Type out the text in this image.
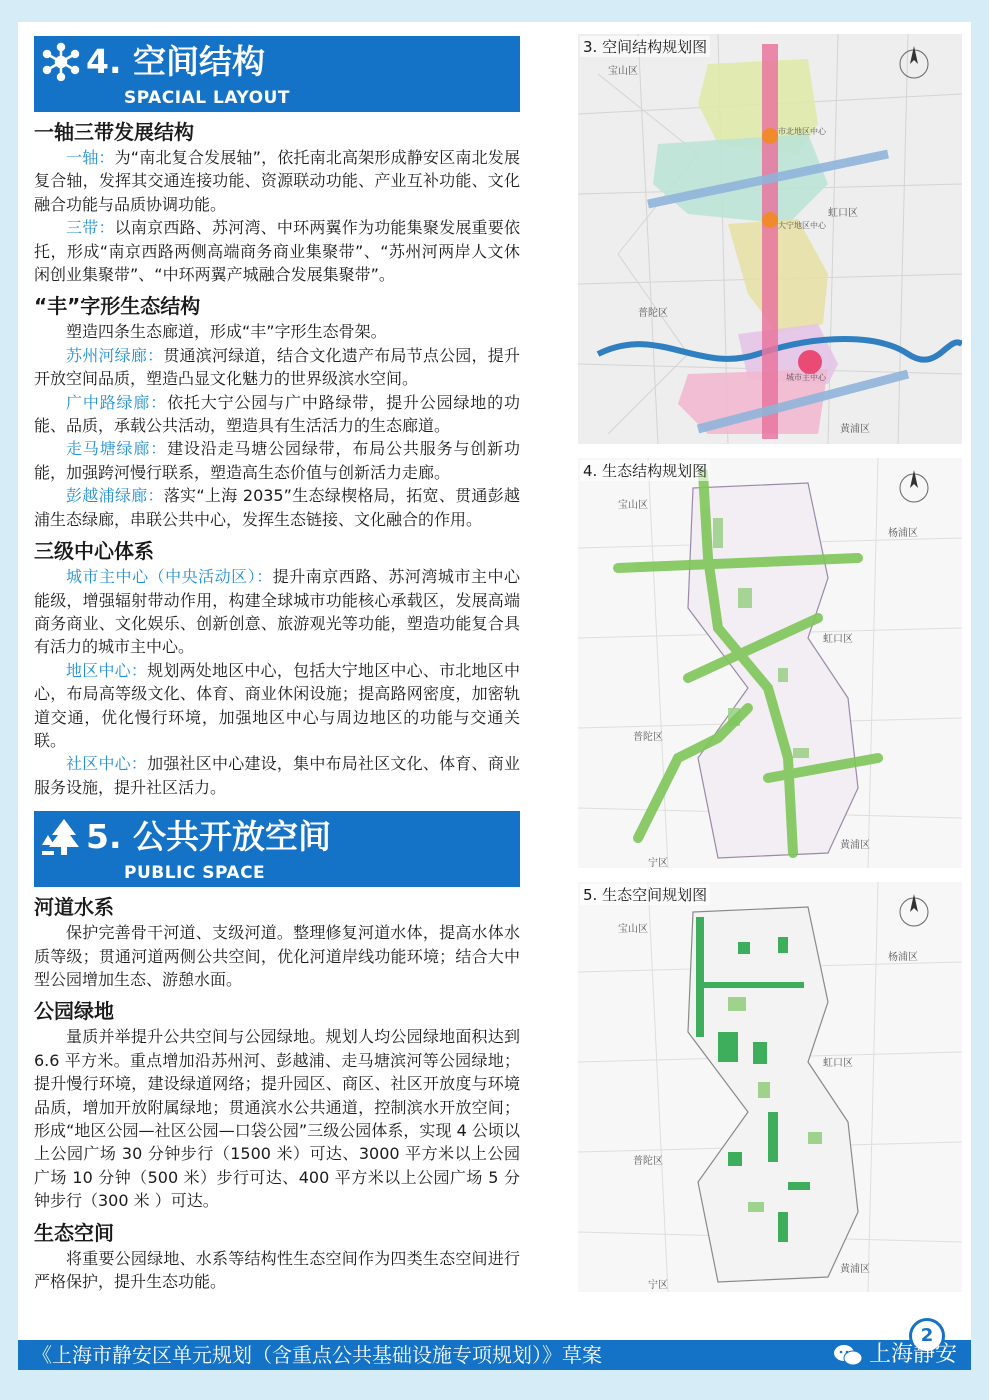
4. 空间结构
SPACIAL LAYOUT
一轴三带发展结构

一轴：为“南北复合发展轴”，依托南北高架形成静安区南北发展复合轴，发挥其交通连接功能、资源联动功能、产业互补功能、文化融合功能与品质协调功能。

三带：以南京西路、苏河湾、中环两翼作为功能集聚发展重要依托，形成“南京西路两侧高端商务商业集聚带”、“苏州河两岸人文休闲创业集聚带”、“中环两翼产城融合发展集聚带”。

“丰”字形生态结构

塑造四条生态廊道，形成“丰”字形生态骨架。

苏州河绿廊：贯通滨河绿道，结合文化遗产布局节点公园，提升开放空间品质，塑造凸显文化魅力的世界级滨水空间。

广中路绿廊：依托大宁公园与广中路绿带，提升公园绿地的功能、品质，承载公共活动，塑造具有生活活力的生态廊道。

走马塘绿廊：建设沿走马塘公园绿带，布局公共服务与创新功能，加强跨河慢行联系，塑造高生态价值与创新活力走廊。

彭越浦绿廊：落实“上海 2035”生态绿楔格局，拓宽、贯通彭越浦生态绿廊，串联公共中心，发挥生态链接、文化融合的作用。

三级中心体系

城市主中心（中央活动区）：提升南京西路、苏河湾城市主中心能级，增强辐射带动作用，构建全球城市功能核心承载区，发展高端商务商业、文化娱乐、创新创意、旅游观光等功能，塑造功能复合具有活力的城市主中心。

地区中心：规划两处地区中心，包括大宁地区中心、市北地区中心，布局高等级文化、体育、商业休闲设施；提高路网密度，加密轨道交通，优化慢行环境，加强地区中心与周边地区的功能与交通关联。

社区中心：加强社区中心建设，集中布局社区文化、体育、商业服务设施，提升社区活力。

5. 公共开放空间
PUBLIC SPACE
河道水系

保护完善骨干河道、支级河道。整理修复河道水体，提高水体水质等级；贯通河道两侧公共空间，优化河道岸线功能环境；结合大中型公园增加生态、游憩水面。

公园绿地

量质并举提升公共空间与公园绿地。规划人均公园绿地面积达到 6.6 平方米。重点增加沿苏州河、彭越浦、走马塘滨河等公园绿地；提升慢行环境，建设绿道网络；提升园区、商区、社区开放度与环境品质，增加开放附属绿地；贯通滨水公共通道，控制滨水开放空间；形成“地区公园—社区公园—口袋公园”三级公园体系，实现 4 公顷以上公园广场 30 分钟步行（1500 米）可达、3000 平方米以上公园广场 10 分钟（500 米）步行可达、400 平方米以上公园广场 5 分钟步行（300 米 ）可达。

生态空间

将重要公园绿地、水系等结构性生态空间作为四类生态空间进行严格保护，提升生态功能。

3. 空间结构规划图
宝山区
虹口区
普陀区
黄浦区
市北地区中心
大宁地区中心
城市主中心
4. 生态结构规划图
宝山区
杨浦区
虹口区
普陀区
黄浦区
宁区
5. 生态空间规划图
宝山区
杨浦区
虹口区
普陀区
黄浦区
宁区
《上海市静安区单元规划（含重点公共基础设施专项规划）》草案
2
上海静安
